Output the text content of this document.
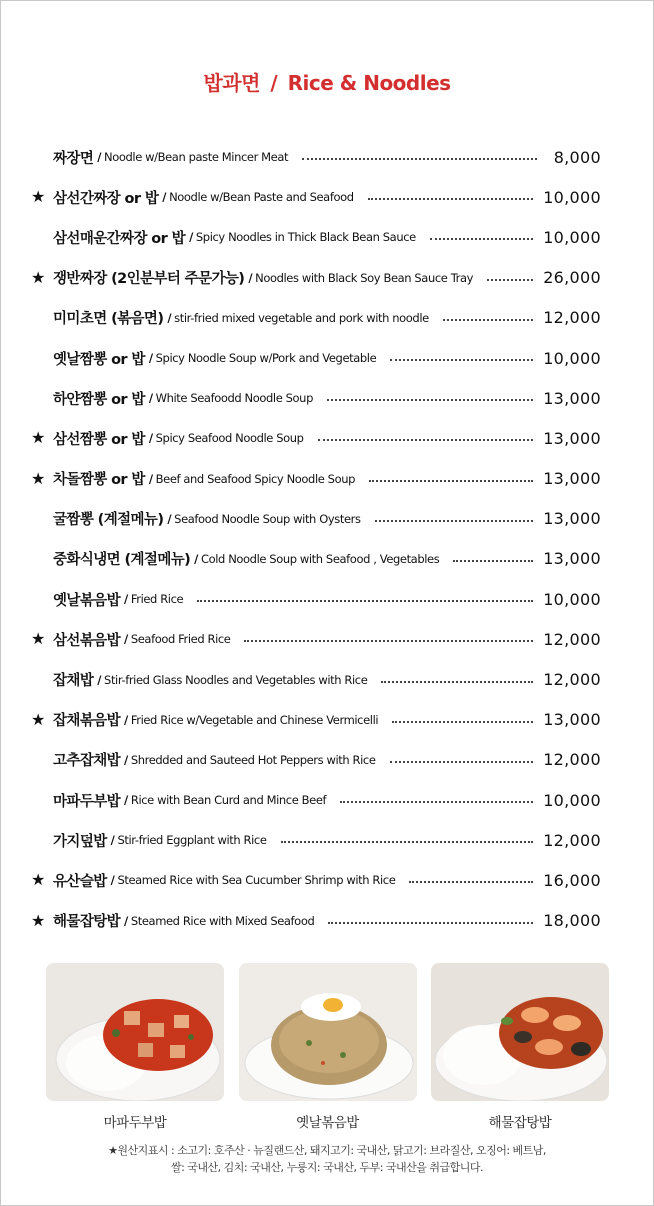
밥과면 / Rice & Noodles
짜장면 / Noodle w/Bean paste Mincer Meat	8,000
★ 삼선간짜장 or 밥 / Noodle w/Bean Paste and Seafood	10,000
삼선매운간짜장 or 밥 / Spicy Noodles in Thick Black Bean Sauce	10,000
★ 쟁반짜장 (2인분부터 주문가능) / Noodles with Black Soy Bean Sauce Tray	26,000
미미초면 (볶음면) / stir-fried mixed vegetable and pork with noodle	12,000
옛날짬뽕 or 밥 / Spicy Noodle Soup w/Pork and Vegetable	10,000
하얀짬뽕 or 밥 / White Seafoodd Noodle Soup	13,000
★ 삼선짬뽕 or 밥 / Spicy Seafood Noodle Soup	13,000
★ 차돌짬뽕 or 밥 / Beef and Seafood Spicy Noodle Soup	13,000
굴짬뽕 (계절메뉴) / Seafood Noodle Soup with Oysters	13,000
중화식냉면 (계절메뉴) / Cold Noodle Soup with Seafood , Vegetables	13,000
옛날볶음밥 / Fried Rice	10,000
★ 삼선볶음밥 / Seafood Fried Rice	12,000
잡채밥 / Stir-fried Glass Noodles and Vegetables with Rice	12,000
★ 잡채볶음밥 / Fried Rice w/Vegetable and Chinese Vermicelli	13,000
고추잡채밥 / Shredded and Sauteed Hot Peppers with Rice	12,000
마파두부밥 / Rice with Bean Curd and Mince Beef	10,000
가지덮밥 / Stir-fried Eggplant with Rice	12,000
★ 유산슬밥 / Steamed Rice with Sea Cucumber Shrimp with Rice	16,000
★ 해물잡탕밥 / Steamed Rice with Mixed Seafood	18,000
마파두부밥	옛날볶음밥	해물잡탕밥
★원산지표시 : 소고기: 호주산 · 뉴질랜드산, 돼지고기: 국내산, 닭고기: 브라질산, 오징어: 베트남,
쌀: 국내산, 김치: 국내산, 누룽지: 국내산, 두부: 국내산을 취급합니다.
